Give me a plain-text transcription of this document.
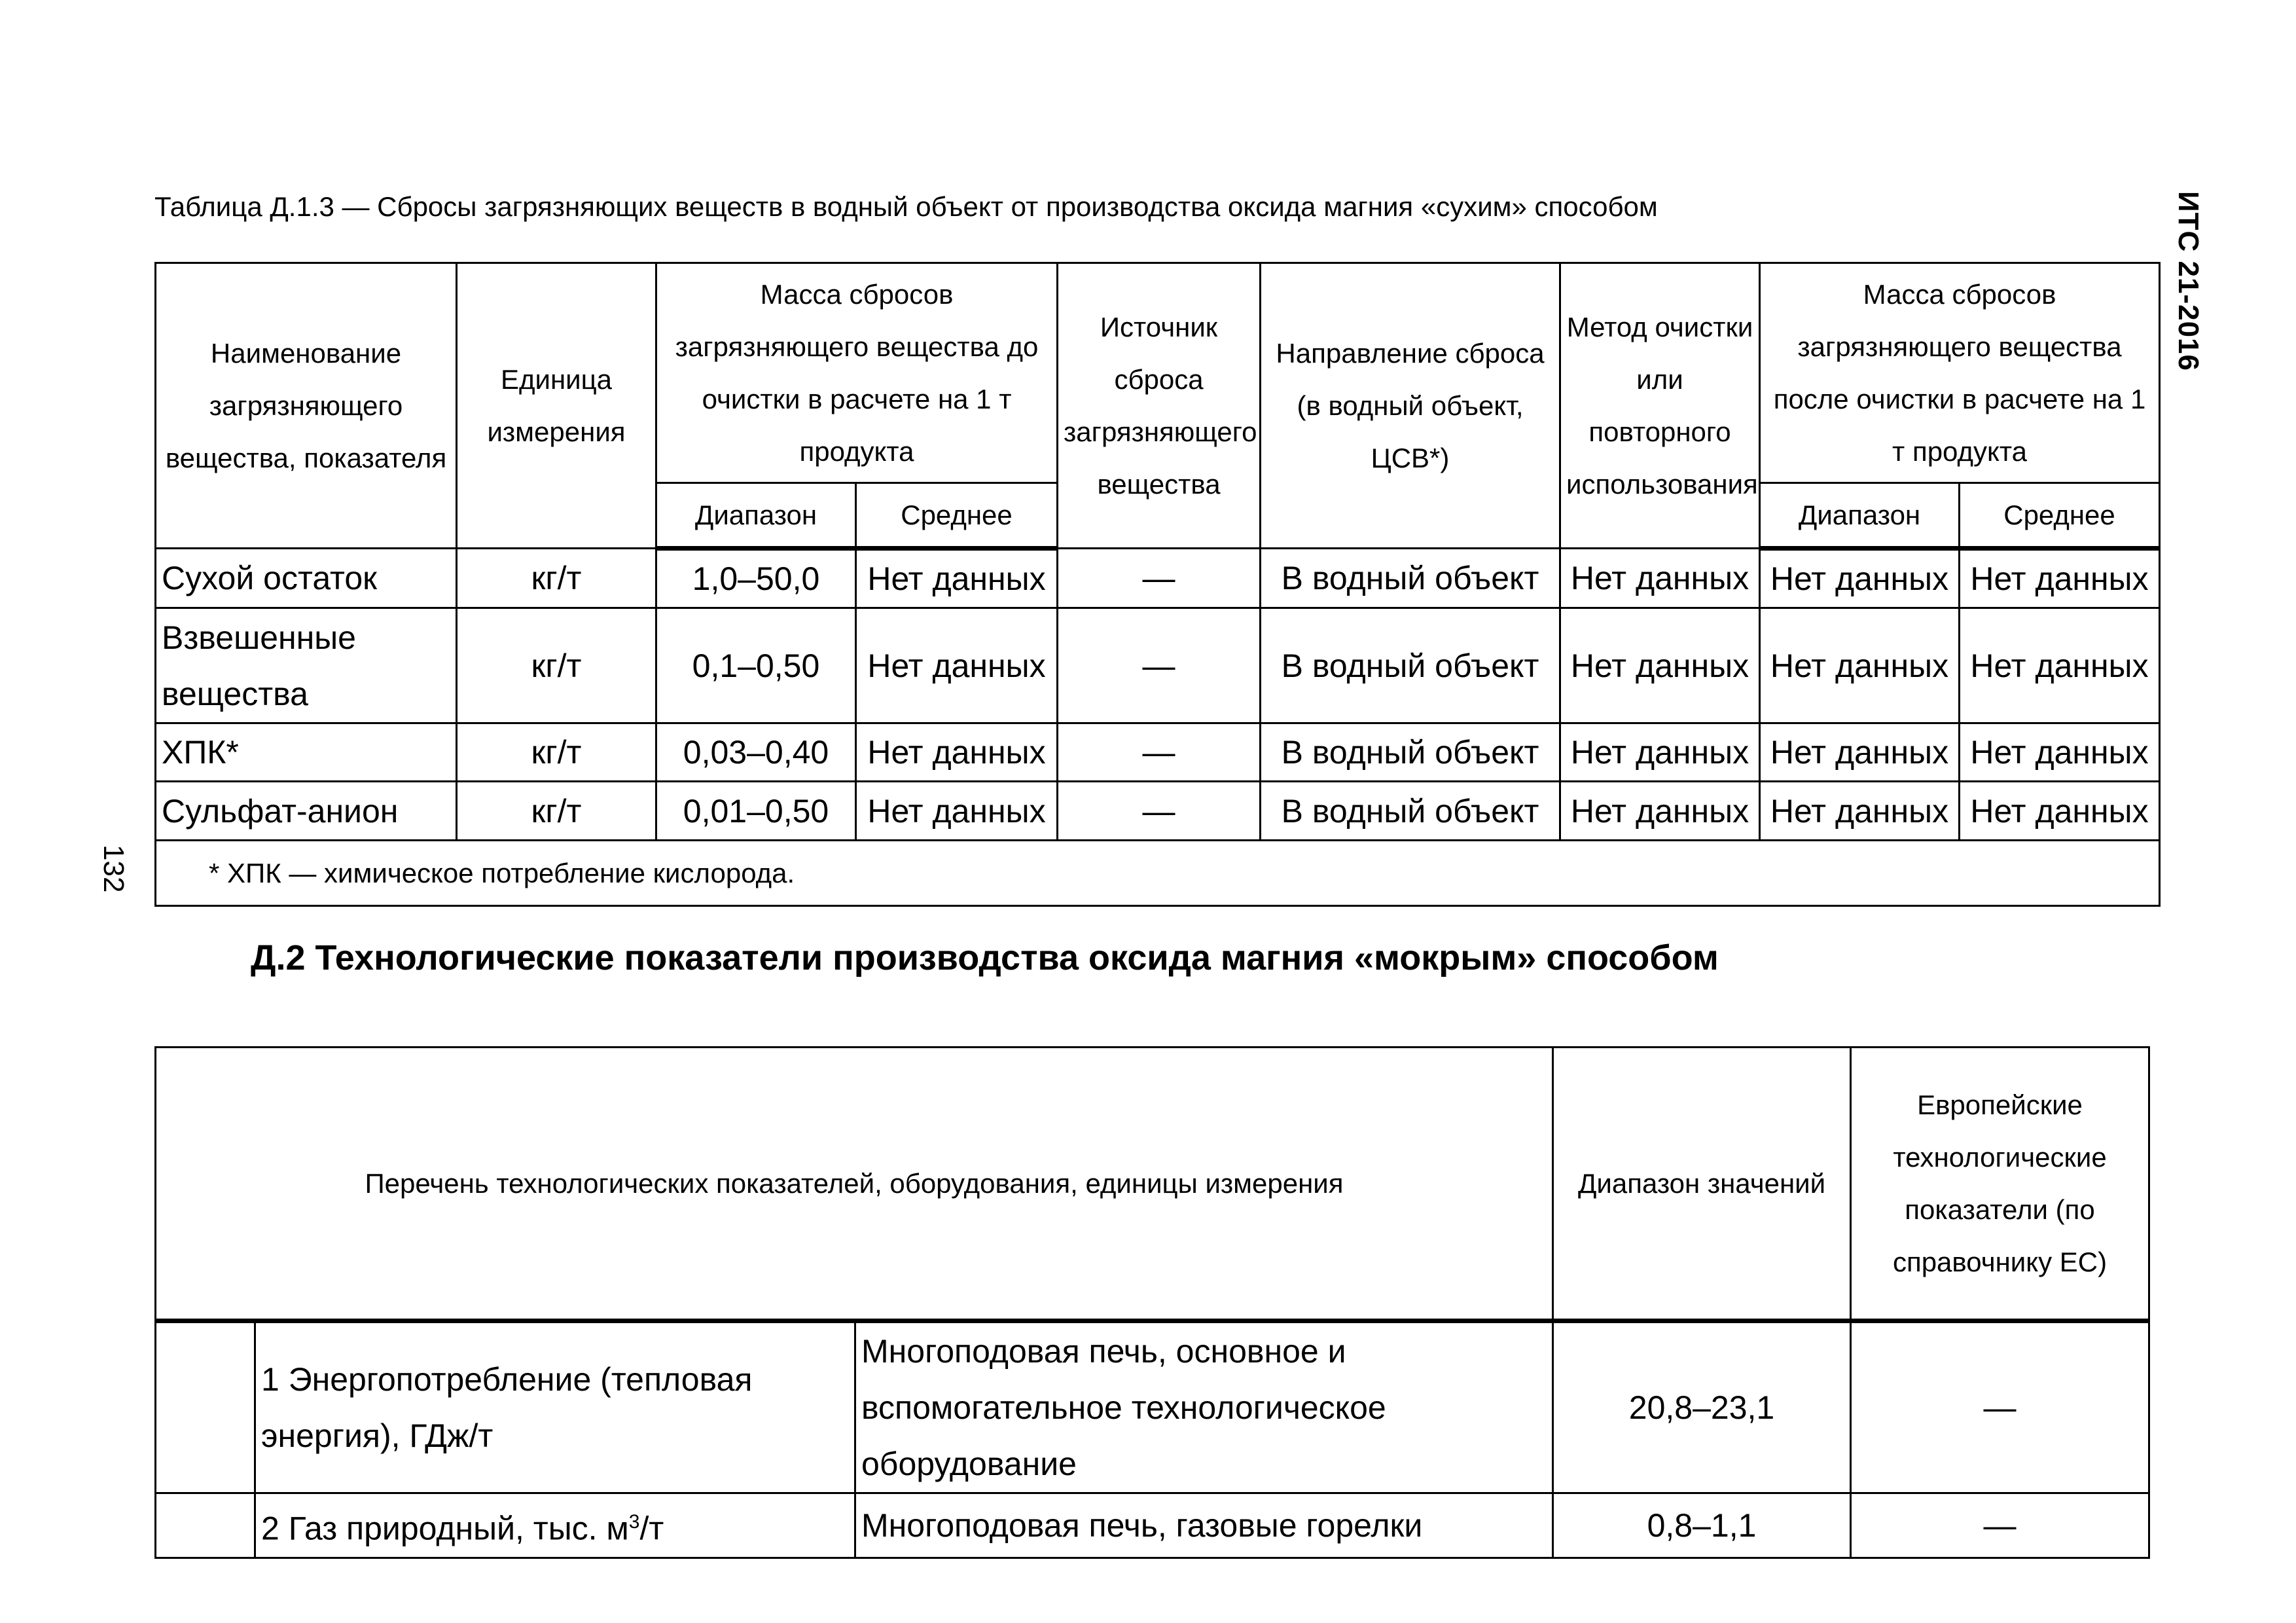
ИТС 21-2016
132
Таблица Д.1.3 — Сбросы загрязняющих веществ в водный объект от производства оксида магния «сухим» способом
Наименование загрязняющего вещества, показателя	Единица измерения	Масса сбросов загрязняющего вещества до очистки в расчете на 1 т продукта		Источник сброса загрязняющего вещества	Направление сброса (в водный объект, ЦСВ*)	Метод очистки или повторного использования	Масса сбросов загрязняющего вещества после очистки в расчете на 1 т продукта	
		Диапазон	Среднее				Диапазон	Среднее
Сухой остаток	кг/т	1,0–50,0	Нет данных	—	В водный объект	Нет данных	Нет данных	Нет данных
Взвешенные вещества	кг/т	0,1–0,50	Нет данных	—	В водный объект	Нет данных	Нет данных	Нет данных
ХПК*	кг/т	0,03–0,40	Нет данных	—	В водный объект	Нет данных	Нет данных	Нет данных
Сульфат-анион	кг/т	0,01–0,50	Нет данных	—	В водный объект	Нет данных	Нет данных	Нет данных
* ХПК — химическое потребление кислорода.								
Д.2 Технологические показатели производства оксида магния «мокрым» способом
Перечень технологических показателей, оборудования, единицы измерения			Диапазон значений	Европейские технологические показатели (по справочнику ЕС)
	1 Энергопотребление (тепловая энергия), ГДж/т	Многоподовая печь, основное и вспомогательное технологическое оборудование	20,8–23,1	—
	2 Газ природный, тыс. $м^3/т$	Многоподовая печь, газовые горелки	0,8–1,1	—
